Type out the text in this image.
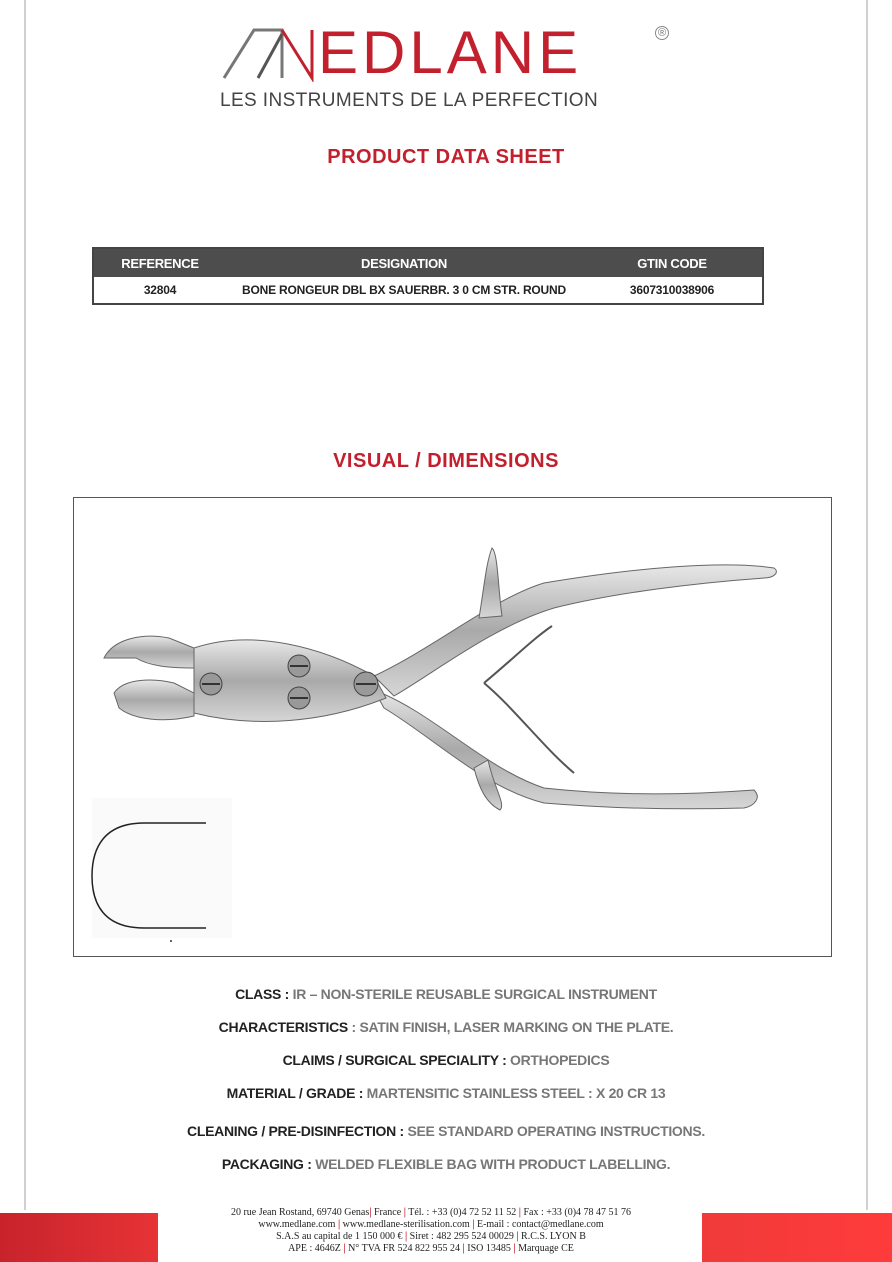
EDLANE	®
LES INSTRUMENTS DE LA PERFECTION
PRODUCT DATA SHEET
REFERENCE	DESIGNATION	GTIN CODE
32804	BONE RONGEUR DBL BX SAUERBR. 3 0 CM STR. ROUND	3607310038906
VISUAL / DIMENSIONS
CLASS : IR – NON-STERILE REUSABLE SURGICAL INSTRUMENT
CHARACTERISTICS : SATIN FINISH, LASER MARKING ON THE PLATE.
CLAIMS / SURGICAL SPECIALITY : ORTHOPEDICS
MATERIAL / GRADE : MARTENSITIC STAINLESS STEEL : X 20 CR 13
CLEANING / PRE-DISINFECTION : SEE STANDARD OPERATING INSTRUCTIONS.
PACKAGING : WELDED FLEXIBLE BAG WITH PRODUCT LABELLING.
20 rue Jean Rostand, 69740 Genas| France | Tél. : +33 (0)4 72 52 11 52 | Fax : +33 (0)4 78 47 51 76
www.medlane.com | www.medlane-sterilisation.com | E-mail : contact@medlane.com
S.A.S au capital de 1 150 000 € | Siret : 482 295 524 00029 | R.C.S. LYON B
APE : 4646Z | N° TVA FR 524 822 955 24 | ISO 13485 | Marquage CE
